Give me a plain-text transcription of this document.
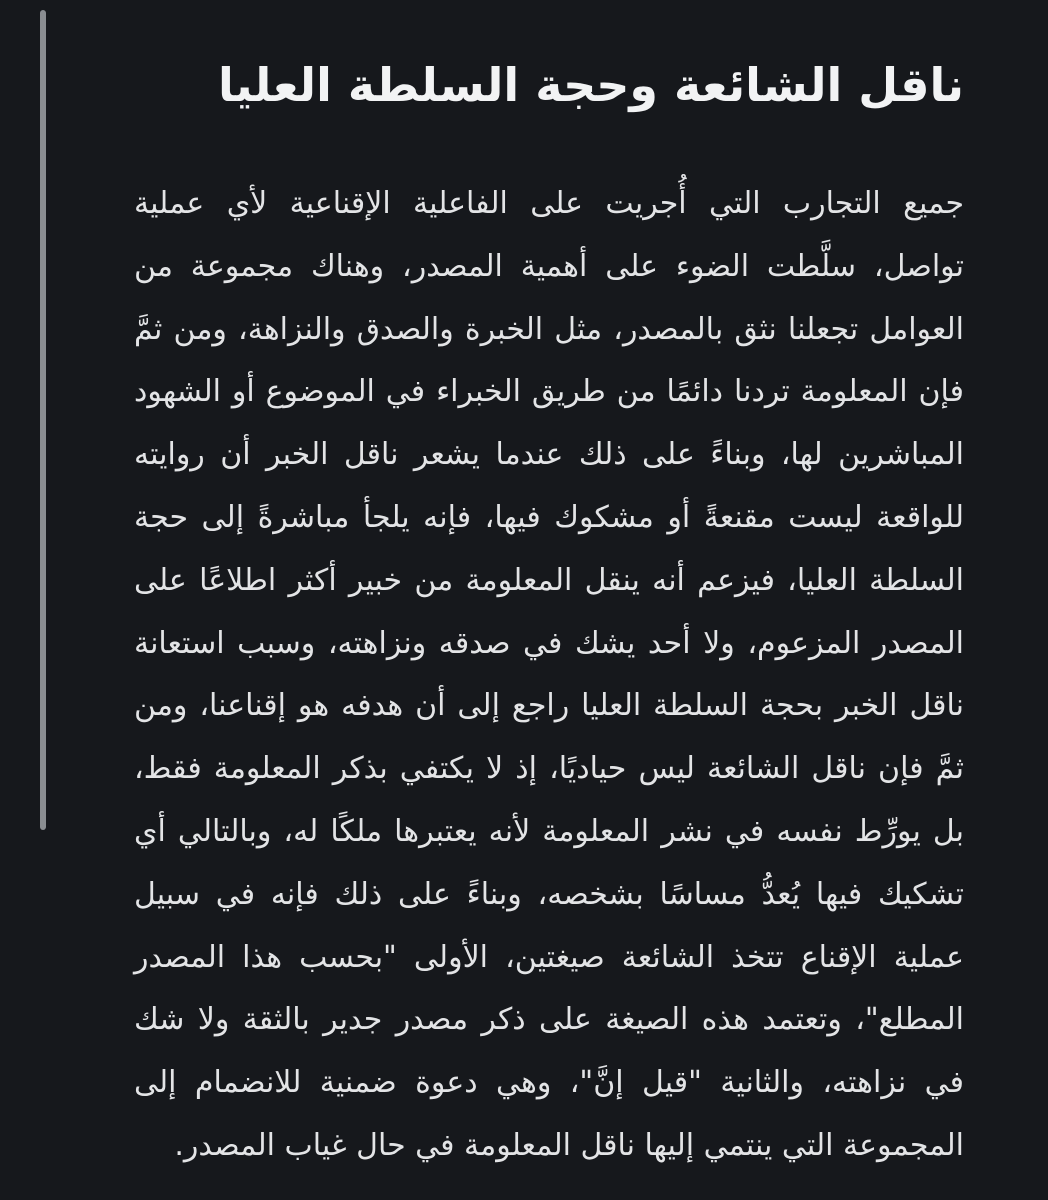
ناقل الشائعة وحجة السلطة العليا
جميع التجارب التي أُجريت على الفاعلية الإقناعية لأي عملية
تواصل، سلَّطت الضوء على أهمية المصدر، وهناك مجموعة من
العوامل تجعلنا نثق بالمصدر، مثل الخبرة والصدق والنزاهة، ومن ثمَّ
فإن المعلومة تردنا دائمًا من طريق الخبراء في الموضوع أو الشهود
المباشرين لها، وبناءً على ذلك عندما يشعر ناقل الخبر أن روايته
للواقعة ليست مقنعةً أو مشكوك فيها، فإنه يلجأ مباشرةً إلى حجة
السلطة العليا، فيزعم أنه ينقل المعلومة من خبير أكثر اطلاعًا على
المصدر المزعوم، ولا أحد يشك في صدقه ونزاهته، وسبب استعانة
ناقل الخبر بحجة السلطة العليا راجع إلى أن هدفه هو إقناعنا، ومن
ثمَّ فإن ناقل الشائعة ليس حياديًا، إذ لا يكتفي بذكر المعلومة فقط،
بل يورِّط نفسه في نشر المعلومة لأنه يعتبرها ملكًا له، وبالتالي أي
تشكيك فيها يُعدُّ مساسًا بشخصه، وبناءً على ذلك فإنه في سبيل
عملية الإقناع تتخذ الشائعة صيغتين، الأولى "بحسب هذا المصدر
المطلع"، وتعتمد هذه الصيغة على ذكر مصدر جدير بالثقة ولا شك
في نزاهته، والثانية "قيل إنَّ"، وهي دعوة ضمنية للانضمام إلى
المجموعة التي ينتمي إليها ناقل المعلومة في حال غياب المصدر.
